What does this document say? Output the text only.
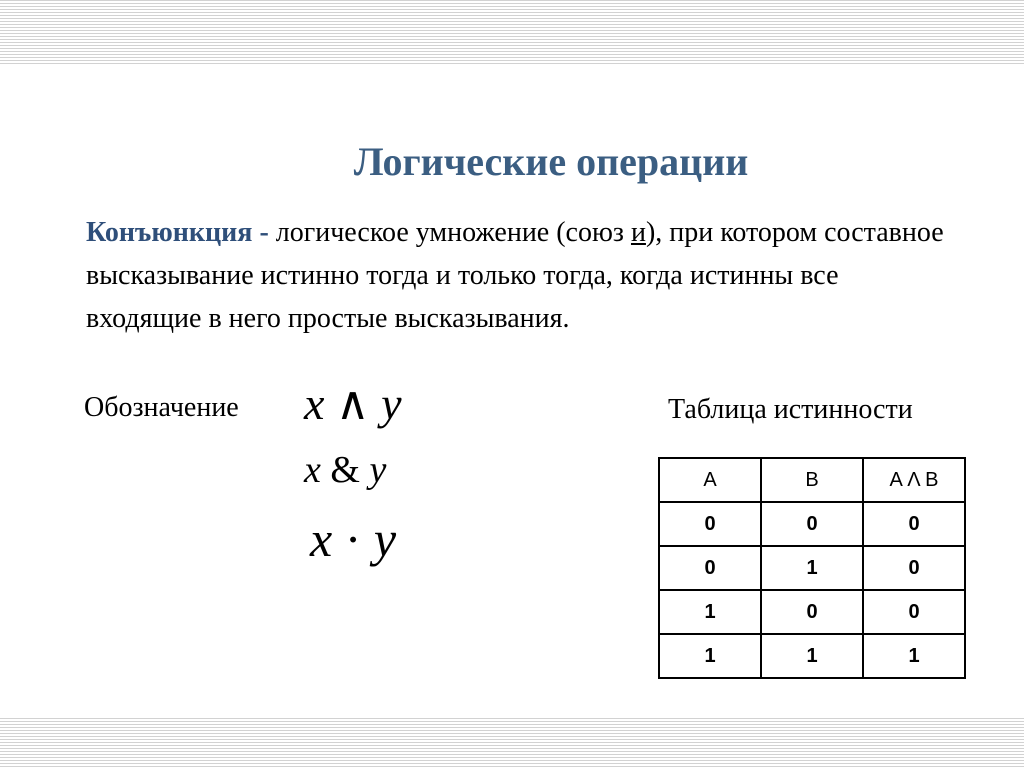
Логические операции
Конъюнкция - логическое умножение (союз и), при котором составное высказывание истинно тогда и только тогда, когда истинны все входящие в него простые высказывания.
Обозначение x ∧ y
x & y
x · y
Таблица истинности
A	B	A Λ B
0	0	0
0	1	0
1	0	0
1	1	1
